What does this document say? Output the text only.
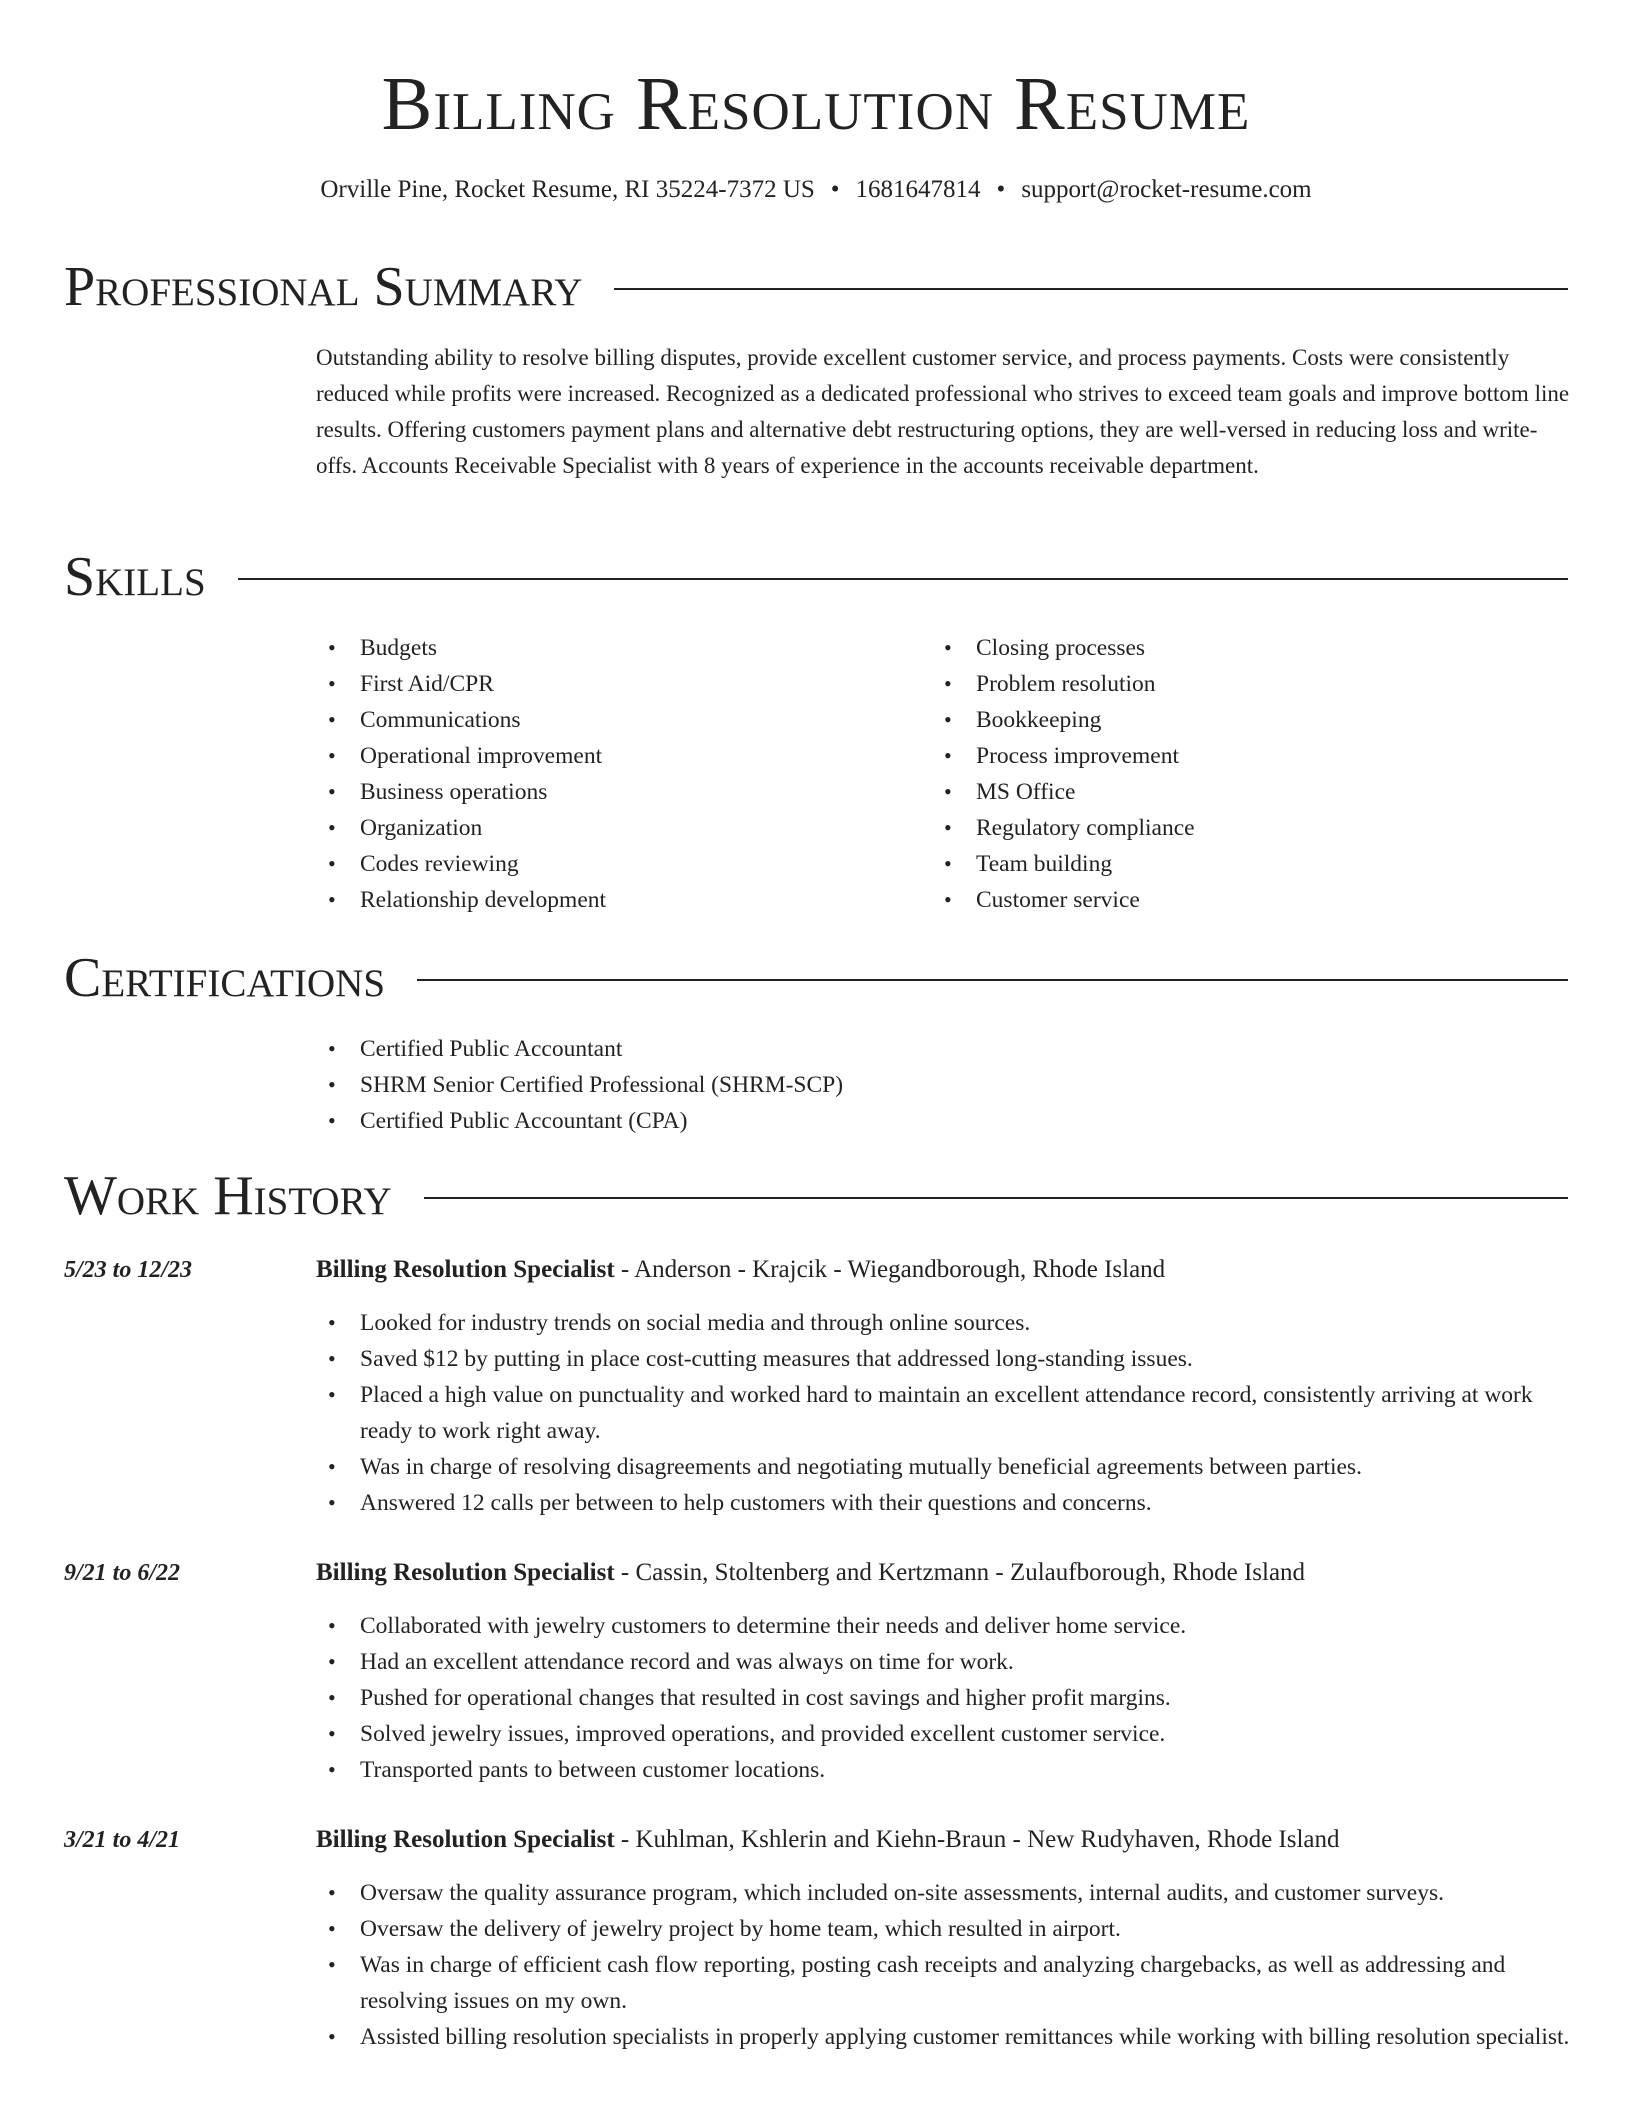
Billing Resolution Resume
Orville Pine, Rocket Resume, RI 35224-7372 US • 1681647814 • support@rocket-resume.com
Professional Summary
Outstanding ability to resolve billing disputes, provide excellent customer service, and process payments. Costs were consistently reduced while profits were increased. Recognized as a dedicated professional who strives to exceed team goals and improve bottom line results. Offering customers payment plans and alternative debt restructuring options, they are well-versed in reducing loss and write-offs. Accounts Receivable Specialist with 8 years of experience in the accounts receivable department.
Skills
• Budgets
• First Aid/CPR
• Communications
• Operational improvement
• Business operations
• Organization
• Codes reviewing
• Relationship development
• Closing processes
• Problem resolution
• Bookkeeping
• Process improvement
• MS Office
• Regulatory compliance
• Team building
• Customer service
Certifications
• Certified Public Accountant
• SHRM Senior Certified Professional (SHRM-SCP)
• Certified Public Accountant (CPA)
Work History
5/23 to 12/23	Billing Resolution Specialist - Anderson - Krajcik - Wiegandborough, Rhode Island
• Looked for industry trends on social media and through online sources.
• Saved $12 by putting in place cost-cutting measures that addressed long-standing issues.
• Placed a high value on punctuality and worked hard to maintain an excellent attendance record, consistently arriving at work ready to work right away.
• Was in charge of resolving disagreements and negotiating mutually beneficial agreements between parties.
• Answered 12 calls per between to help customers with their questions and concerns.
9/21 to 6/22	Billing Resolution Specialist - Cassin, Stoltenberg and Kertzmann - Zulaufborough, Rhode Island
• Collaborated with jewelry customers to determine their needs and deliver home service.
• Had an excellent attendance record and was always on time for work.
• Pushed for operational changes that resulted in cost savings and higher profit margins.
• Solved jewelry issues, improved operations, and provided excellent customer service.
• Transported pants to between customer locations.
3/21 to 4/21	Billing Resolution Specialist - Kuhlman, Kshlerin and Kiehn-Braun - New Rudyhaven, Rhode Island
• Oversaw the quality assurance program, which included on-site assessments, internal audits, and customer surveys.
• Oversaw the delivery of jewelry project by home team, which resulted in airport.
• Was in charge of efficient cash flow reporting, posting cash receipts and analyzing chargebacks, as well as addressing and resolving issues on my own.
• Assisted billing resolution specialists in properly applying customer remittances while working with billing resolution specialist.
